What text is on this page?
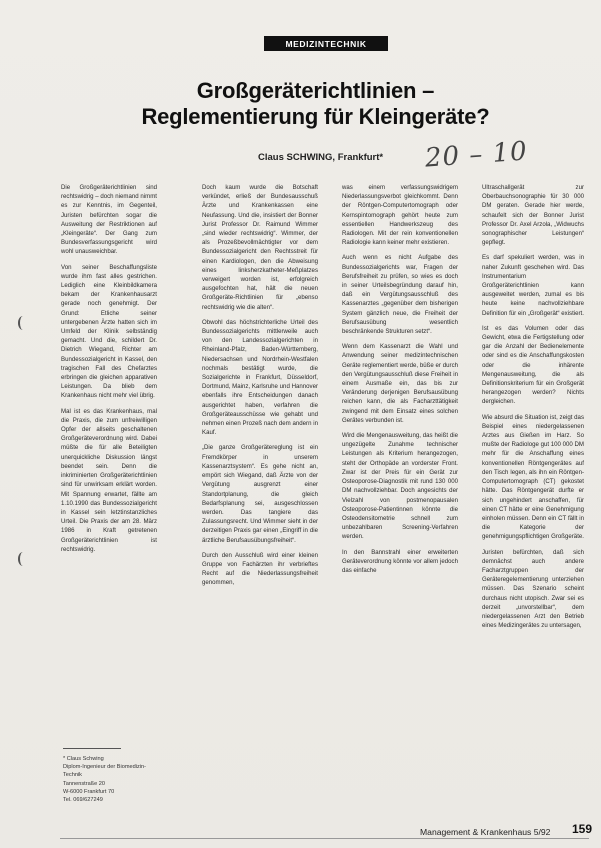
MEDIZINTECHNIK
Großgeräterichtlinien –
Reglementierung für Kleingeräte?
Claus SCHWING, Frankfurt* 20 – 10

Die Großgeräterichtlinien sind rechtswidrig – doch niemand nimmt es zur Kenntnis, im Gegenteil, Juristen befürchten sogar die Ausweitung der Restriktionen auf „Kleingeräte“. Der Gang zum Bundesverfassungsgericht wird wohl unausweichbar.

Von seiner Beschaffungsliste wurde ihm fast alles gestrichen. Lediglich eine Kleinbildkamera bekam der Krankenhausarzt gerade noch genehmigt. Der Grund: Etliche seiner untergebenen Ärzte hatten sich im Umfeld der Klinik selbständig gemacht. Und die, schildert Dr. Dietrich Wiegand, Richter am Bundessozialgericht in Kassel, den tragischen Fall des Chefarztes erbringen die gleichen apparativen Leistungen. Da blieb dem Krankenhaus nicht mehr viel übrig.

Mal ist es das Krankenhaus, mal die Praxis, die zum unfreiwilligen Opfer der allseits geschaltenen Großgeräteverordnung wird. Dabei müßte die für alle Beteiligten unerquickliche Diskussion längst beendet sein. Denn die inkriminierten Großgeräterichtlinien sind für unwirksam erklärt worden. Mit Spannung erwartet, fällte am 1.10.1990 das Bundessozialgericht in Kassel sein letztinstanzliches Urteil. Die Praxis der am 28. März 1986 in Kraft getretenen Großgeräterichtlinien ist rechtswidrig.

Doch kaum wurde die Botschaft verkündet, erließ der Bundesausschuß Ärzte und Krankenkassen eine Neufassung. Und die, insistiert der Bonner Jurist Professor Dr. Raimund Wimmer „sind wieder rechtswidrig“. Wimmer, der als Prozeßbevollmächtigter vor dem Bundessozialgericht den Rechtsstreit für einen Kardiologen, den die Abweisung eines linksherzkatheter-Meßplatzes verweigert worden ist, erfolgreich ausgefochten hat, hält die neuen Großgeräte-Richtlinien für „ebenso rechtswidrig wie die alten“.

Obwohl das höchstrichterliche Urteil des Bundessozialgerichts mittlerweile auch von den Landessozialgerichten in Rheinland-Pfalz, Baden-Württemberg, Niedersachsen und Nordrhein-Westfalen nochmals bestätigt wurde, die Sozialgerichte in Frankfurt, Düsseldorf, Dortmund, Mainz, Karlsruhe und Hannover ebenfalls ihre Entscheidungen danach ausgerichtet haben, verfahren die Großgeräteausschüsse wie gehabt und nehmen einen Prozeß nach dem andern in Kauf.

„Die ganze Großgerätereglung ist ein Fremdkörper in unserem Kassenarztsystem“. Es gehe nicht an, empört sich Wiegand, daß Ärzte von der Vergütung ausgrenzt einer Standortplanung, die gleich Bedarfsplanung sei, ausgeschlossen werden. Das tangiere das Zulassungsrecht. Und Wimmer sieht in der derzeitigen Praxis gar einen „Eingriff in die ärztliche Berufsausübungsfreiheit“.

Durch den Ausschluß wird einer kleinen Gruppe von Fachärzten ihr verbrieftes Recht auf die Niederlassungsfreiheit genommen,

was einem verfassungswidrigem Niederlassungsverbot gleichkommt. Denn der Röntgen-Computertomograph oder Kernspintomograph gehört heute zum essentiellen Handwerkszeug des Radiologen. Mit der rein konventionellen Radiologie kann keiner mehr existieren.

Auch wenn es nicht Aufgabe des Bundessozialgerichts war, Fragen der Berufsfreiheit zu prüfen, so wies es doch in seiner Urteilsbegründung darauf hin, daß ein Vergütungsausschluß des Kassenarztes „gegenüber dem bisherigen System gänzlich neue, die Freiheit der Berufsausübung wesentlich beschränkende Strukturen setzt“.

Wenn dem Kassenarzt die Wahl und Anwendung seiner medizintechnischen Geräte reglementiert werde, büße er durch den Vergütungsausschluß diese Freiheit in einem Ausmaße ein, das bis zur Veränderung derjenigen Berufsausübung reichen kann, die als Facharzttätigkeit zwingend mit dem Einsatz eines solchen Gerätes verbunden ist.

Wird die Mengenausweitung, das heißt die ungezügelte Zunahme technischer Leistungen als Kriterium herangezogen, steht der Orthopäde an vorderster Front. Zwar ist der Preis für ein Gerät zur Osteoporose-Diagnostik mit rund 130 000 DM nachvollziehbar. Doch angesichts der Vielzahl von postmenopausalen Osteoporose-Patientinnen könnte die Osteodensitometrie schnell zum unbezahlbaren Screening-Verfahren werden.

In den Bannstrahl einer erweiterten Geräteverordnung könnte vor allem jedoch das einfache

Ultraschallgerät zur Oberbauchsonographie für 30 000 DM geraten. Gerade hier werde, schaufelt sich der Bonner Jurist Professor Dr. Axel Arzola, „Widwuchs sonographischer Leistungen“ gepflegt.

Es darf spekuliert werden, was in naher Zukunft geschehen wird. Das Instrumentarium Großgeräterichtlinien kann ausgeweitet werden, zumal es bis heute keine nachvollziehbare Definition für ein „Großgerät“ existiert.

Ist es das Volumen oder das Gewicht, etwa die Fertigstellung oder gar die Anzahl der Bedienelemente oder sind es die Anschaffungskosten oder die inhärente Mengenausweitung, die als Definitionskriterium für ein Großgerät herangezogen werden? Nichts dergleichen.

Wie absurd die Situation ist, zeigt das Beispiel eines niedergelassenen Arztes aus Gießen im Harz. So mußte der Radiologe gut 100 000 DM mehr für die Anschaffung eines konventionellen Röntgengerätes auf den Tisch legen, als ihn ein Röntgen-Computertomograph (CT) gekostet hätte. Das Röntgengerät durfte er sich ungehindert anschaffen, für einen CT hätte er eine Genehmigung einholen müssen. Denn ein CT fällt in die Kategorie der genehmigungspflichtigen Großgeräte.

Juristen befürchten, daß sich demnächst auch andere Facharztgruppen der Geräteregelementierung unterziehen müssen. Das Szenario scheint durchaus nicht utopisch. Zwar sei es derzeit „unvorstellbar“, dem niedergelassenen Arzt den Betrieb eines Medizingerätes zu untersagen,

* Claus Schwing
Diplom-Ingenieur der Biomedizin-
Technik
Tannenstraße 20
W-6000 Frankfurt 70
Tel. 069/627249
Management & Krankenhaus 5/92 159
